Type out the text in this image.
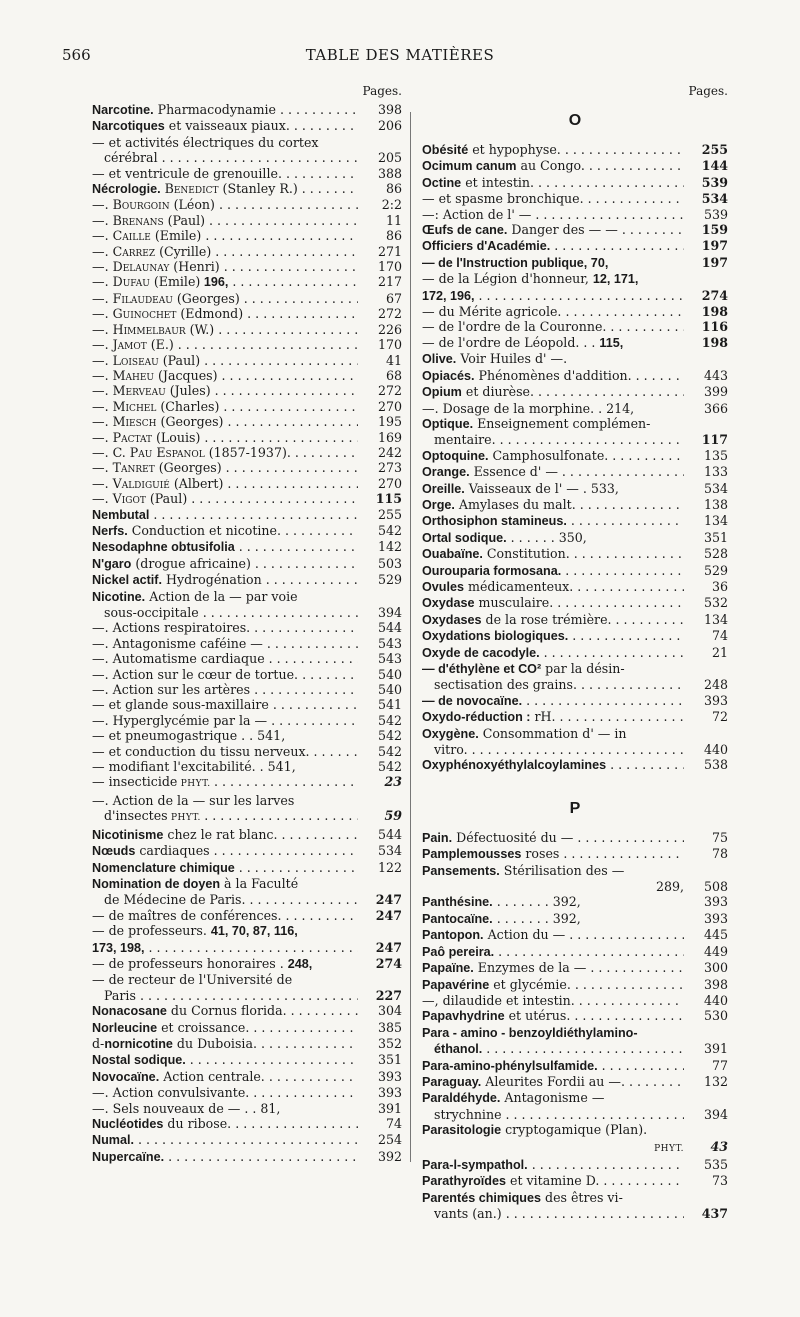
566	TABLE DES MATIÈRES
Pages.
Narcotine. Pharmacodynamie . . .	398
Narcotiques et vaisseaux piaux. . . .	206
— et activités électriques du cortex
cérébral . . .	205
— et ventricule de grenouille. . . .	388
Nécrologie. Benedict (Stanley R.) . . .	86
—. Bourgoin (Léon) . . .	2:2
—. Brenans (Paul) . . .	11
—. Caille (Emile) . . .	86
—. Carrez (Cyrille) . . .	271
—. Delaunay (Henri) . . .	170
—. Dufau (Emile) 196, . . .	217
—. Filaudeau (Georges) . . .	67
—. Guinochet (Edmond) . . .	272
—. Himmelbaur (W.) . . .	226
—. Jamot (E.) . . .	170
—. Loiseau (Paul) . . .	41
—. Maheu (Jacques) . . .	68
—. Merveau (Jules) . . .	272
—. Michel (Charles) . . .	270
—. Miesch (Georges) . . .	195
—. Pactat (Louis) . . .	169
—. C. Pau Espanol (1857-1937). . . .	242
—. Tanret (Georges) . . .	273
—. Valdiguié (Albert) . . .	270
—. Vigot (Paul) . . .	115
Nembutal . . .	255
Nerfs. Conduction et nicotine. . . .	542
Nesodaphne obtusifolia . . .	142
N'garo (drogue africaine) . . .	503
Nickel actif. Hydrogénation . . .	529
Nicotine. Action de la — par voie
sous-occipitale . . .	394
—. Actions respiratoires. . . .	544
—. Antagonisme caféine — . . .	543
—. Automatisme cardiaque . . .	543
—. Action sur le cœur de tortue. . . .	540
—. Action sur les artères . . .	540
— et glande sous-maxillaire . . .	541
—. Hyperglycémie par la — . . .	542
— et pneumogastrique . . 541,	542
— et conduction du tissu nerveux. . . .	542
— modifiant l'excitabilité. . 541,	542
— insecticide PHYT. . . .	23
—. Action de la — sur les larves
d'insectes PHYT. . . .	59
Nicotinisme chez le rat blanc. . . .	544
Nœuds cardiaques . . .	534
Nomenclature chimique . . .	122
Nomination de doyen à la Faculté
de Médecine de Paris. . . .	247
— de maîtres de conférences. . . .	247
— de professeurs. 41, 70, 87, 116,
173, 198, . . .	247
— de professeurs honoraires . 248,	274
— de recteur de l'Université de
Paris . . .	227
Nonacosane du Cornus florida. . . .	304
Norleucine et croissance. . . .	385
d-nornicotine du Duboisia. . . .	352
Nostal sodique. . . .	351
Novocaïne. Action centrale. . . .	393
—. Action convulsivante. . . .	393
—. Sels nouveaux de — . . 81,	391
Nucléotides du ribose. . . .	74
Numal. . . .	254
Nupercaïne. . . .	392
Pages.
O
Obésité et hypophyse. . . .	255
Ocimum canum au Congo. . . .	144
Octine et intestin. . . .	539
— et spasme bronchique. . . .	534
—: Action de l' — . . .	539
Œufs de cane. Danger des — — . . .	159
Officiers d'Académie. . . .	197
— de l'Instruction publique, 70,	197
— de la Légion d'honneur, 12, 171,
172, 196, . . .	274
— du Mérite agricole. . . .	198
— de l'ordre de la Couronne. . . .	116
— de l'ordre de Léopold. . . 115,	198
Olive. Voir Huiles d' —.
Opiacés. Phénomènes d'addition. . . .	443
Opium et diurèse. . . .	399
—. Dosage de la morphine. . 214,	366
Optique. Enseignement complémen-
mentaire. . . .	117
Optoquine. Camphosulfonate. . . .	135
Orange. Essence d' — . . .	133
Oreille. Vaisseaux de l' — . 533,	534
Orge. Amylases du malt. . . .	138
Orthosiphon stamineus. . . .	134
Ortal sodique. . . . . . . 350,	351
Ouabaïne. Constitution. . . .	528
Ourouparia formosana. . . .	529
Ovules médicamenteux. . . .	36
Oxydase musculaire. . . .	532
Oxydases de la rose trémière. . . .	134
Oxydations biologiques. . . .	74
Oxyde de cacodyle. . . .	21
— d'éthylène et CO² par la désin-
sectisation des grains. . . .	248
— de novocaïne. . . .	393
Oxydo-réduction : rH. . . .	72
Oxygène. Consommation d' — in
vitro. . . .	440
Oxyphénoxyéthylalcoylamines . . .	538
P
Pain. Défectuosité du — . . .	75
Pamplemousses roses . . .	78
Pansements. Stérilisation des —
289,	508
Panthésine. . . . . . . . 392,	393
Pantocaïne. . . . . . . . 392,	393
Pantopon. Action du — . . .	445
Paô pereira. . . .	449
Papaïne. Enzymes de la — . . .	300
Papavérine et glycémie. . . .	398
—, dilaudide et intestin. . . .	440
Papavhydrine et utérus. . . .	530
Para - amino - benzoyldiéthylamino-
éthanol. . . .	391
Para-amino-phénylsulfamide. . . .	77
Paraguay. Aleurites Fordii au —. . . .	132
Paraldéhyde. Antagonisme —
strychnine . . .	394
Parasitologie cryptogamique (Plan).
PHYT.	43
Para-l-sympathol. . . .	535
Parathyroïdes et vitamine D. . . .	73
Parentés chimiques des êtres vi-
vants (an.) . . .	437
